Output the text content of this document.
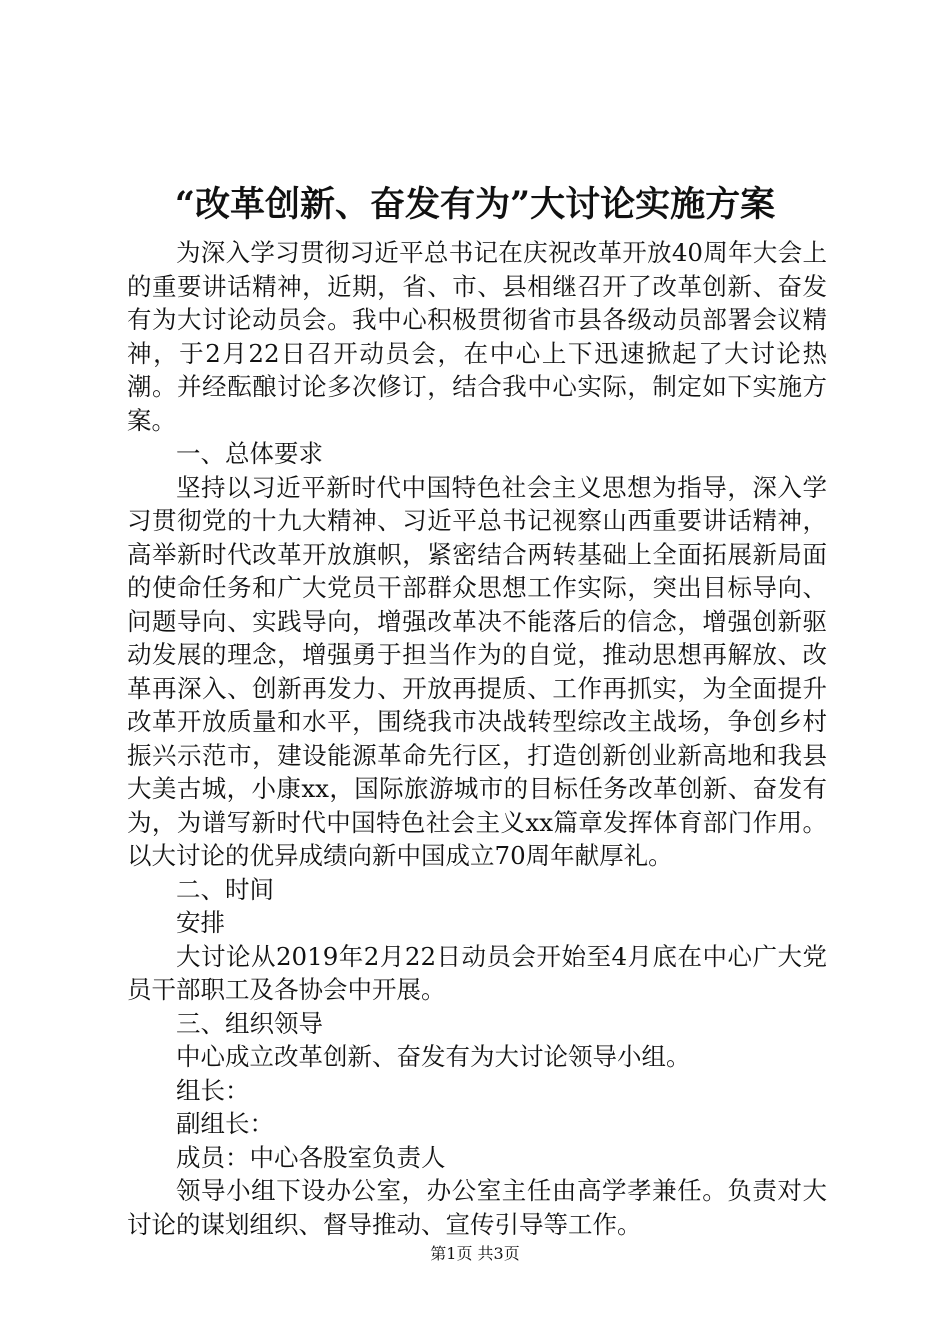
“改革创新、奋发有为”大讨论实施方案

为深入学习贯彻习近平总书记在庆祝改革开放40周年大会上的重要讲话精神，近期，省、市、县相继召开了改革创新、奋发有为大讨论动员会。我中心积极贯彻省市县各级动员部署会议精神，于2月22日召开动员会，在中心上下迅速掀起了大讨论热潮。并经酝酿讨论多次修订，结合我中心实际，制定如下实施方案。

一、总体要求

坚持以习近平新时代中国特色社会主义思想为指导，深入学习贯彻党的十九大精神、习近平总书记视察山西重要讲话精神，高举新时代改革开放旗帜，紧密结合两转基础上全面拓展新局面的使命任务和广大党员干部群众思想工作实际，突出目标导向、问题导向、实践导向，增强改革决不能落后的信念，增强创新驱动发展的理念，增强勇于担当作为的自觉，推动思想再解放、改革再深入、创新再发力、开放再提质、工作再抓实，为全面提升改革开放质量和水平，围绕我市决战转型综改主战场，争创乡村振兴示范市，建设能源革命先行区，打造创新创业新高地和我县大美古城，小康xx，国际旅游城市的目标任务改革创新、奋发有为，为谱写新时代中国特色社会主义xx篇章发挥体育部门作用。以大讨论的优异成绩向新中国成立70周年献厚礼。

二、时间

安排

大讨论从2019年2月22日动员会开始至4月底在中心广大党员干部职工及各协会中开展。

三、组织领导

中心成立改革创新、奋发有为大讨论领导小组。

组长：

副组长：

成员：中心各股室负责人

领导小组下设办公室，办公室主任由高学孝兼任。负责对大讨论的谋划组织、督导推动、宣传引导等工作。

第1页 共3页
